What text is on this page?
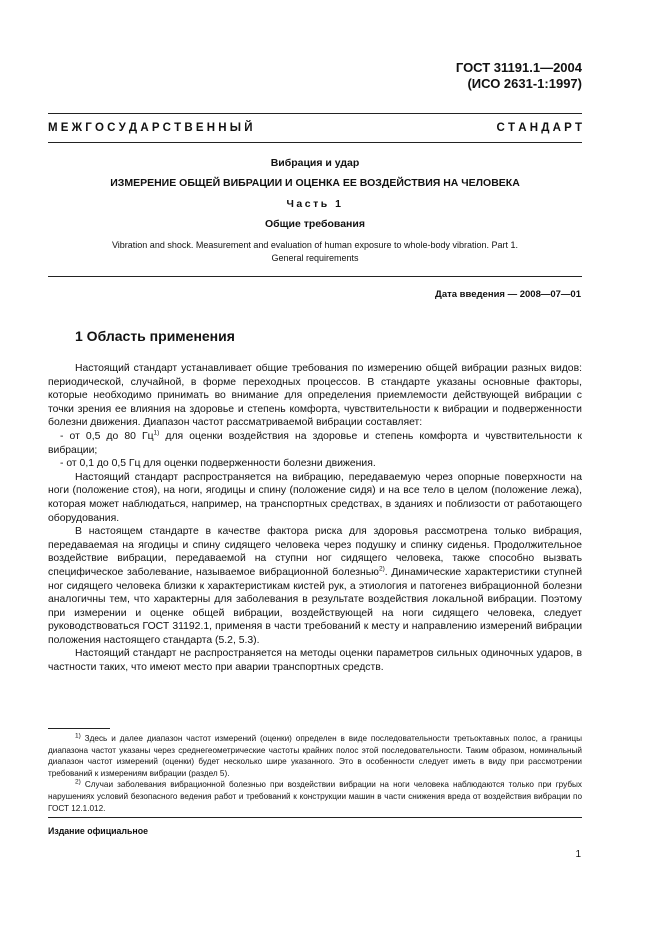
ГОСТ 31191.1—2004
(ИСО 2631-1:1997)
М Е Ж Г О С У Д А Р С Т В Е Н Н Ы Й	С Т А Н Д А Р Т
Вибрация и удар
ИЗМЕРЕНИЕ ОБЩЕЙ ВИБРАЦИИ И ОЦЕНКА ЕЕ ВОЗДЕЙСТВИЯ НА ЧЕЛОВЕКА
Часть 1
Общие требования
Vibration and shock. Measurement and evaluation of human exposure to whole-body vibration. Part 1.
General requirements
Дата введения — 2008—07—01
1 Область применения

Настоящий стандарт устанавливает общие требования по измерению общей вибрации разных видов: периодической, случайной, в форме переходных процессов. В стандарте указаны основные факторы, которые необходимо принимать во внимание для определения приемлемости действующей вибрации с точки зрения ее влияния на здоровье и степень комфорта, чувствительности к вибрации и подверженности болезни движения. Диапазон частот рассматриваемой вибрации составляет:

- от 0,5 до 80 $Гц^{1)}$ для оценки воздействия на здоровье и степень комфорта и чувствительности к вибрации;

- от 0,1 до 0,5 Гц для оценки подверженности болезни движения.

Настоящий стандарт распространяется на вибрацию, передаваемую через опорные поверхности на ноги (положение стоя), на ноги, ягодицы и спину (положение сидя) и на все тело в целом (положение лежа), которая может наблюдаться, например, на транспортных средствах, в зданиях и поблизости от работающего оборудования.

В настоящем стандарте в качестве фактора риска для здоровья рассмотрена только вибрация, передаваемая на ягодицы и спину сидящего человека через подушку и спинку сиденья. Продолжительное воздействие вибрации, передаваемой на ступни ног сидящего человека, также способно вызвать специфическое заболевание, называемое вибрационной болезнью$^{2)}$. Динамические характеристики ступней ног сидящего человека близки к характеристикам кистей рук, а этиология и патогенез вибрационной болезни аналогичны тем, что характерны для заболевания в результате воздействия локальной вибрации. Поэтому при измерении и оценке общей вибрации, воздействующей на ноги сидящего человека, следует руководствоваться ГОСТ 31192.1, применяя в части требований к месту и направлению измерений вибрации положения настоящего стандарта (5.2, 5.3).

Настоящий стандарт не распространяется на методы оценки параметров сильных одиночных ударов, в частности таких, что имеют место при аварии транспортных средств.

$^{1)}$ Здесь и далее диапазон частот измерений (оценки) определен в виде последовательности третьоктавных полос, а границы диапазона частот указаны через среднегеометрические частоты крайних полос этой последовательности. Таким образом, номинальный диапазон частот измерений (оценки) будет несколько шире указанного. Это в особенности следует иметь в виду при рассмотрении требований к измерениям вибрации (раздел 5).

$^{2)}$ Случаи заболевания вибрационной болезнью при воздействии вибрации на ноги человека наблюдаются только при грубых нарушениях условий безопасного ведения работ и требований к конструкции машин в части снижения вреда от воздействия вибрации по ГОСТ 12.1.012.

Издание официальное
1
